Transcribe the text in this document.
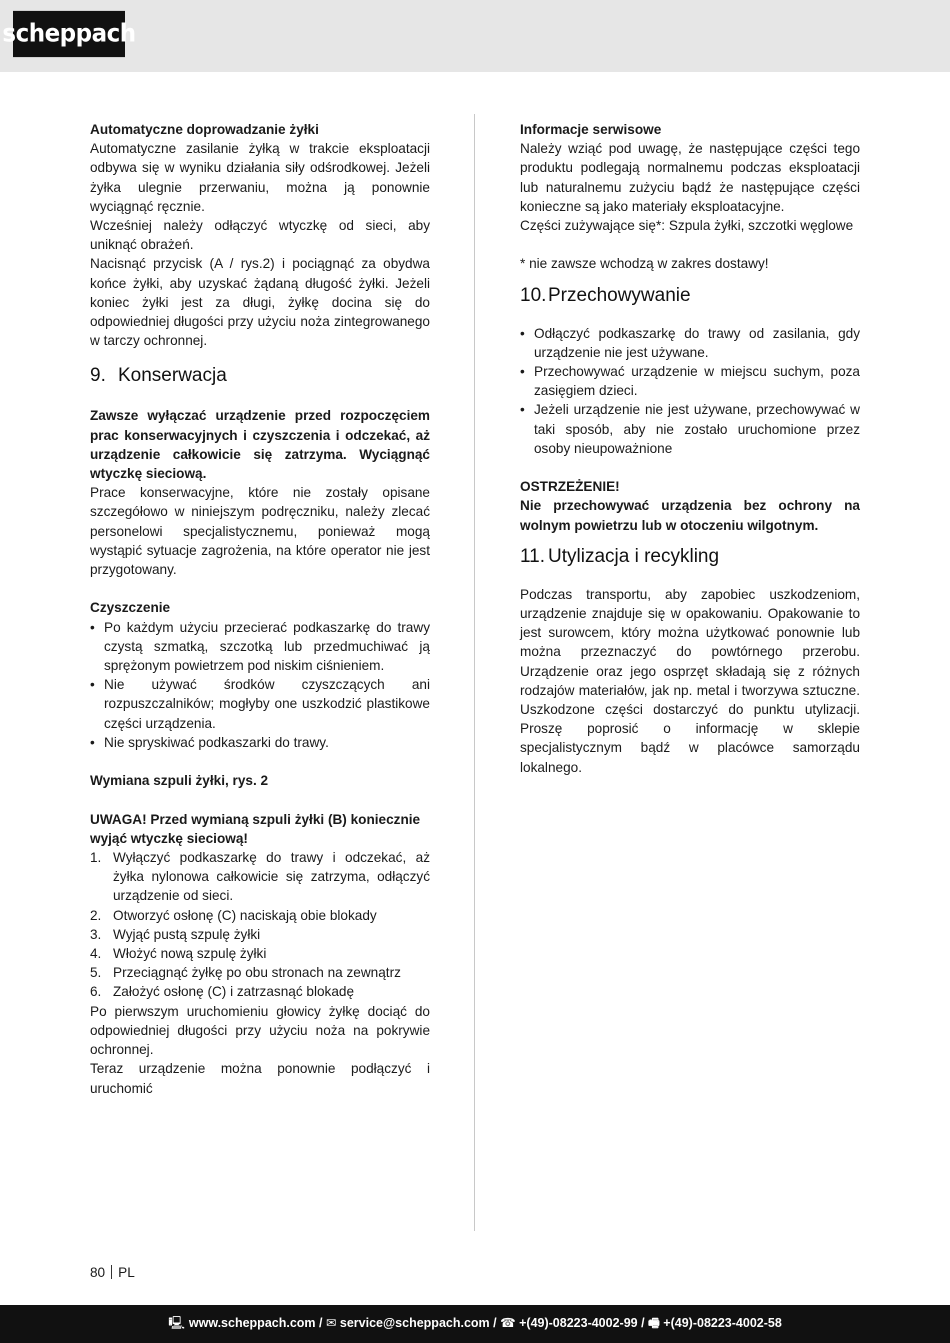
scheppach

Automatyczne doprowadzanie żyłki

Automatyczne zasilanie żyłką w trakcie eksploatacji odbywa się w wyniku działania siły odśrodkowej. Jeżeli żyłka ulegnie przerwaniu, można ją ponownie wyciągnąć ręcznie.

Wcześniej należy odłączyć wtyczkę od sieci, aby uniknąć obrażeń.

Nacisnąć przycisk (A / rys.2) i pociągnąć za obydwa końce żyłki, aby uzyskać żądaną długość żyłki. Jeżeli koniec żyłki jest za długi, żyłkę docina się do odpowiedniej długości przy użyciu noża zintegrowanego w tarczy ochronnej.

9. Konserwacja

Zawsze wyłączać urządzenie przed rozpoczęciem prac konserwacyjnych i czyszczenia i odczekać, aż urządzenie całkowicie się zatrzyma. Wyciągnąć wtyczkę sieciową.

Prace konserwacyjne, które nie zostały opisane szczegółowo w niniejszym podręczniku, należy zlecać personelowi specjalistycznemu, ponieważ mogą wystąpić sytuacje zagrożenia, na które operator nie jest przygotowany.

Czyszczenie

• Po każdym użyciu przecierać podkaszarkę do trawy czystą szmatką, szczotką lub przedmuchiwać ją sprężonym powietrzem pod niskim ciśnieniem.
• Nie używać środków czyszczących ani rozpuszczalników; mogłyby one uszkodzić plastikowe części urządzenia.
• Nie spryskiwać podkaszarki do trawy.

Wymiana szpuli żyłki, rys. 2

UWAGA! Przed wymianą szpuli żyłki (B) koniecznie wyjąć wtyczkę sieciową!

1. Wyłączyć podkaszarkę do trawy i odczekać, aż żyłka nylonowa całkowicie się zatrzyma, odłączyć urządzenie od sieci.
2. Otworzyć osłonę (C) naciskają obie blokady
3. Wyjąć pustą szpulę żyłki
4. Włożyć nową szpulę żyłki
5. Przeciągnąć żyłkę po obu stronach na zewnątrz
6. Założyć osłonę (C) i zatrzasnąć blokadę

Po pierwszym uruchomieniu głowicy żyłkę dociąć do odpowiedniej długości przy użyciu noża na pokrywie ochronnej.

Teraz urządzenie można ponownie podłączyć i uruchomić

Informacje serwisowe

Należy wziąć pod uwagę, że następujące części tego produktu podlegają normalnemu podczas eksploatacji lub naturalnemu zużyciu bądź że następujące części konieczne są jako materiały eksploatacyjne.

Części zużywające się*: Szpula żyłki, szczotki węglowe

* nie zawsze wchodzą w zakres dostawy!

10.Przechowywanie
• Odłączyć podkaszarkę do trawy od zasilania, gdy urządzenie nie jest używane.
• Przechowywać urządzenie w miejscu suchym, poza zasięgiem dzieci.
• Jeżeli urządzenie nie jest używane, przechowywać w taki sposób, aby nie zostało uruchomione przez osoby nieupoważnione

OSTRZEŻENIE!

Nie przechowywać urządzenia bez ochrony na wolnym powietrzu lub w otoczeniu wilgotnym.

11. Utylizacja i recykling

Podczas transportu, aby zapobiec uszkodzeniom, urządzenie znajduje się w opakowaniu. Opakowanie to jest surowcem, który można użytkować ponownie lub można przeznaczyć do powtórnego przerobu. Urządzenie oraz jego osprzęt składają się z różnych rodzajów materiałów, jak np. metal i tworzywa sztuczne. Uszkodzone części dostarczyć do punktu utylizacji. Proszę poprosić o informację w sklepie specjalistycznym bądź w placówce samorządu lokalnego.

80 PL
🖳 www.scheppach.com / ✉ service@scheppach.com / ☎ +(49)-08223-4002-99 / 🖷 +(49)-08223-4002-58
